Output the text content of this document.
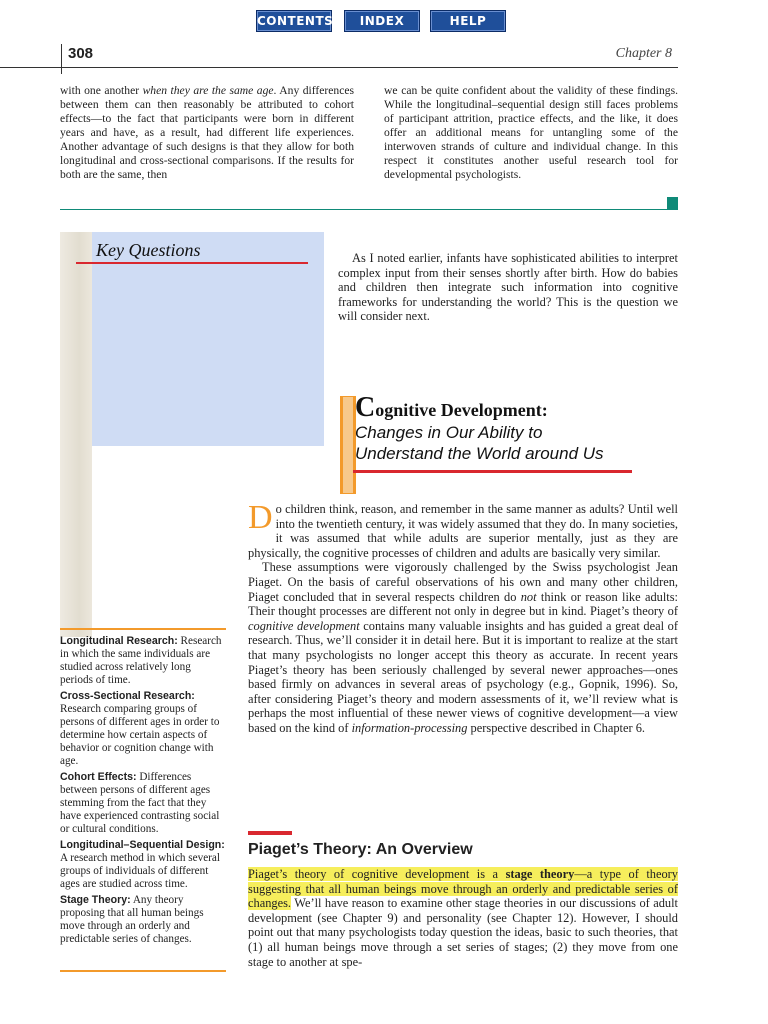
CONTENTS	INDEX	HELP
308	Chapter 8

with one another when they are the same age. Any differences between them can then reasonably be attributed to cohort effects—to the fact that participants were born in different years and have, as a result, had different life experiences. Another advantage of such designs is that they allow for both longitudinal and cross-sectional comparisons. If the results for both are the same, then

we can be quite confident about the validity of these findings. While the longitudinal–sequential design still faces problems of participant attrition, practice effects, and the like, it does offer an additional means for untangling some of the interwoven strands of culture and individual change. In this respect it constitutes another useful research tool for developmental psychologists.

Key Questions	As I noted earlier, infants have sophisticated abilities to interpret complex input from their senses shortly after birth. How do babies and children then integrate such information into cognitive frameworks for understanding the world? This is the question we will consider next.

Cognitive Development:
Changes in Our Ability to
Understand the World around Us

Do children think, reason, and remember in the same manner as adults? Until well into the twentieth century, it was widely assumed that they do. In many societies, it was assumed that while adults are superior mentally, just as they are physically, the cognitive processes of children and adults are basically very similar.

These assumptions were vigorously challenged by the Swiss psychologist Jean Piaget. On the basis of careful observations of his own and many other children, Piaget concluded that in several respects children do not think or reason like adults: Their thought processes are different not only in degree but in kind. Piaget’s theory of cognitive development contains many valuable insights and has guided a great deal of research. Thus, we’ll consider it in detail here. But it is important to realize at the start that many psychologists no longer accept this theory as accurate. In recent years Piaget’s theory has been seriously challenged by several newer approaches—ones based firmly on advances in several areas of psychology (e.g., Gopnik, 1996). So, after considering Piaget’s theory and modern assessments of it, we’ll review what is perhaps the most influential of these newer views of cognitive development—a view based on the kind of information-processing perspective described in Chapter 6.

Piaget’s Theory: An Overview

Piaget’s theory of cognitive development is a stage theory—a type of theory suggesting that all human beings move through an orderly and predictable series of changes. We’ll have reason to examine other stage theories in our discussions of adult development (see Chapter 9) and personality (see Chapter 12). However, I should point out that many psychologists today question the ideas, basic to such theories, that (1) all human beings move through a set series of stages; (2) they move from one stage to another at spe-

Longitudinal Research: Research in which the same individuals are studied across relatively long periods of time.

Cross-Sectional Research: Research comparing groups of persons of different ages in order to determine how certain aspects of behavior or cognition change with age.

Cohort Effects: Differences between persons of different ages stemming from the fact that they have experienced contrasting social or cultural conditions.

Longitudinal–Sequential Design: A research method in which several groups of individuals of different ages are studied across time.

Stage Theory: Any theory proposing that all human beings move through an orderly and predictable series of changes.
